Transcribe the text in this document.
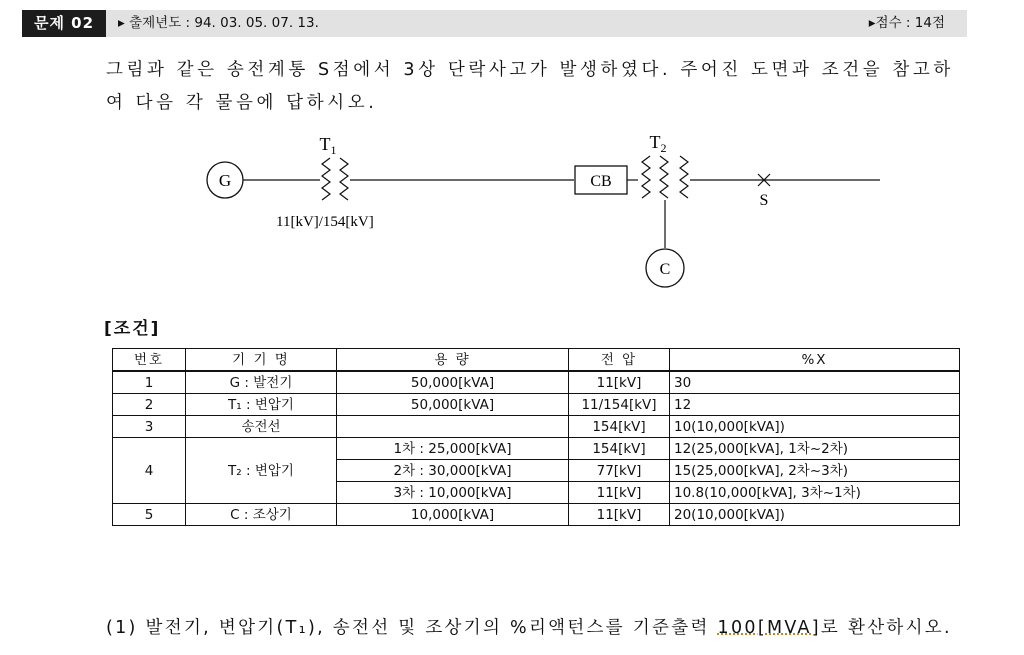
문제 02	▸ 출제년도 : 94. 03. 05. 07. 13.	▸점수 : 14점
그림과 같은 송전계통 S점에서 3상 단락사고가 발생하였다. 주어진 도면과 조건을 참고하
여 다음 각 물음에 답하시오.
G
$T_1$
11[kV]/154[kV]
CB
$T_2$
C
S
[조건]
번호	기 기 명	용 량	전 압	%X
1	G : 발전기	50,000[kVA]	11[kV]	30
2	T₁ : 변압기	50,000[kVA]	11/154[kV]	12
3	송전선		154[kV]	10(10,000[kVA])
4	T₂ : 변압기	1차 : 25,000[kVA]	154[kV]	12(25,000[kVA], 1차~2차)
		2차 : 30,000[kVA]	77[kV]	15(25,000[kVA], 2차~3차)
		3차 : 10,000[kVA]	11[kV]	10.8(10,000[kVA], 3차~1차)
5	C : 조상기	10,000[kVA]	11[kV]	20(10,000[kVA])
(1) 발전기, 변압기(T₁), 송전선 및 조상기의 %리액턴스를 기준출력 100[MVA]로 환산하시오.
